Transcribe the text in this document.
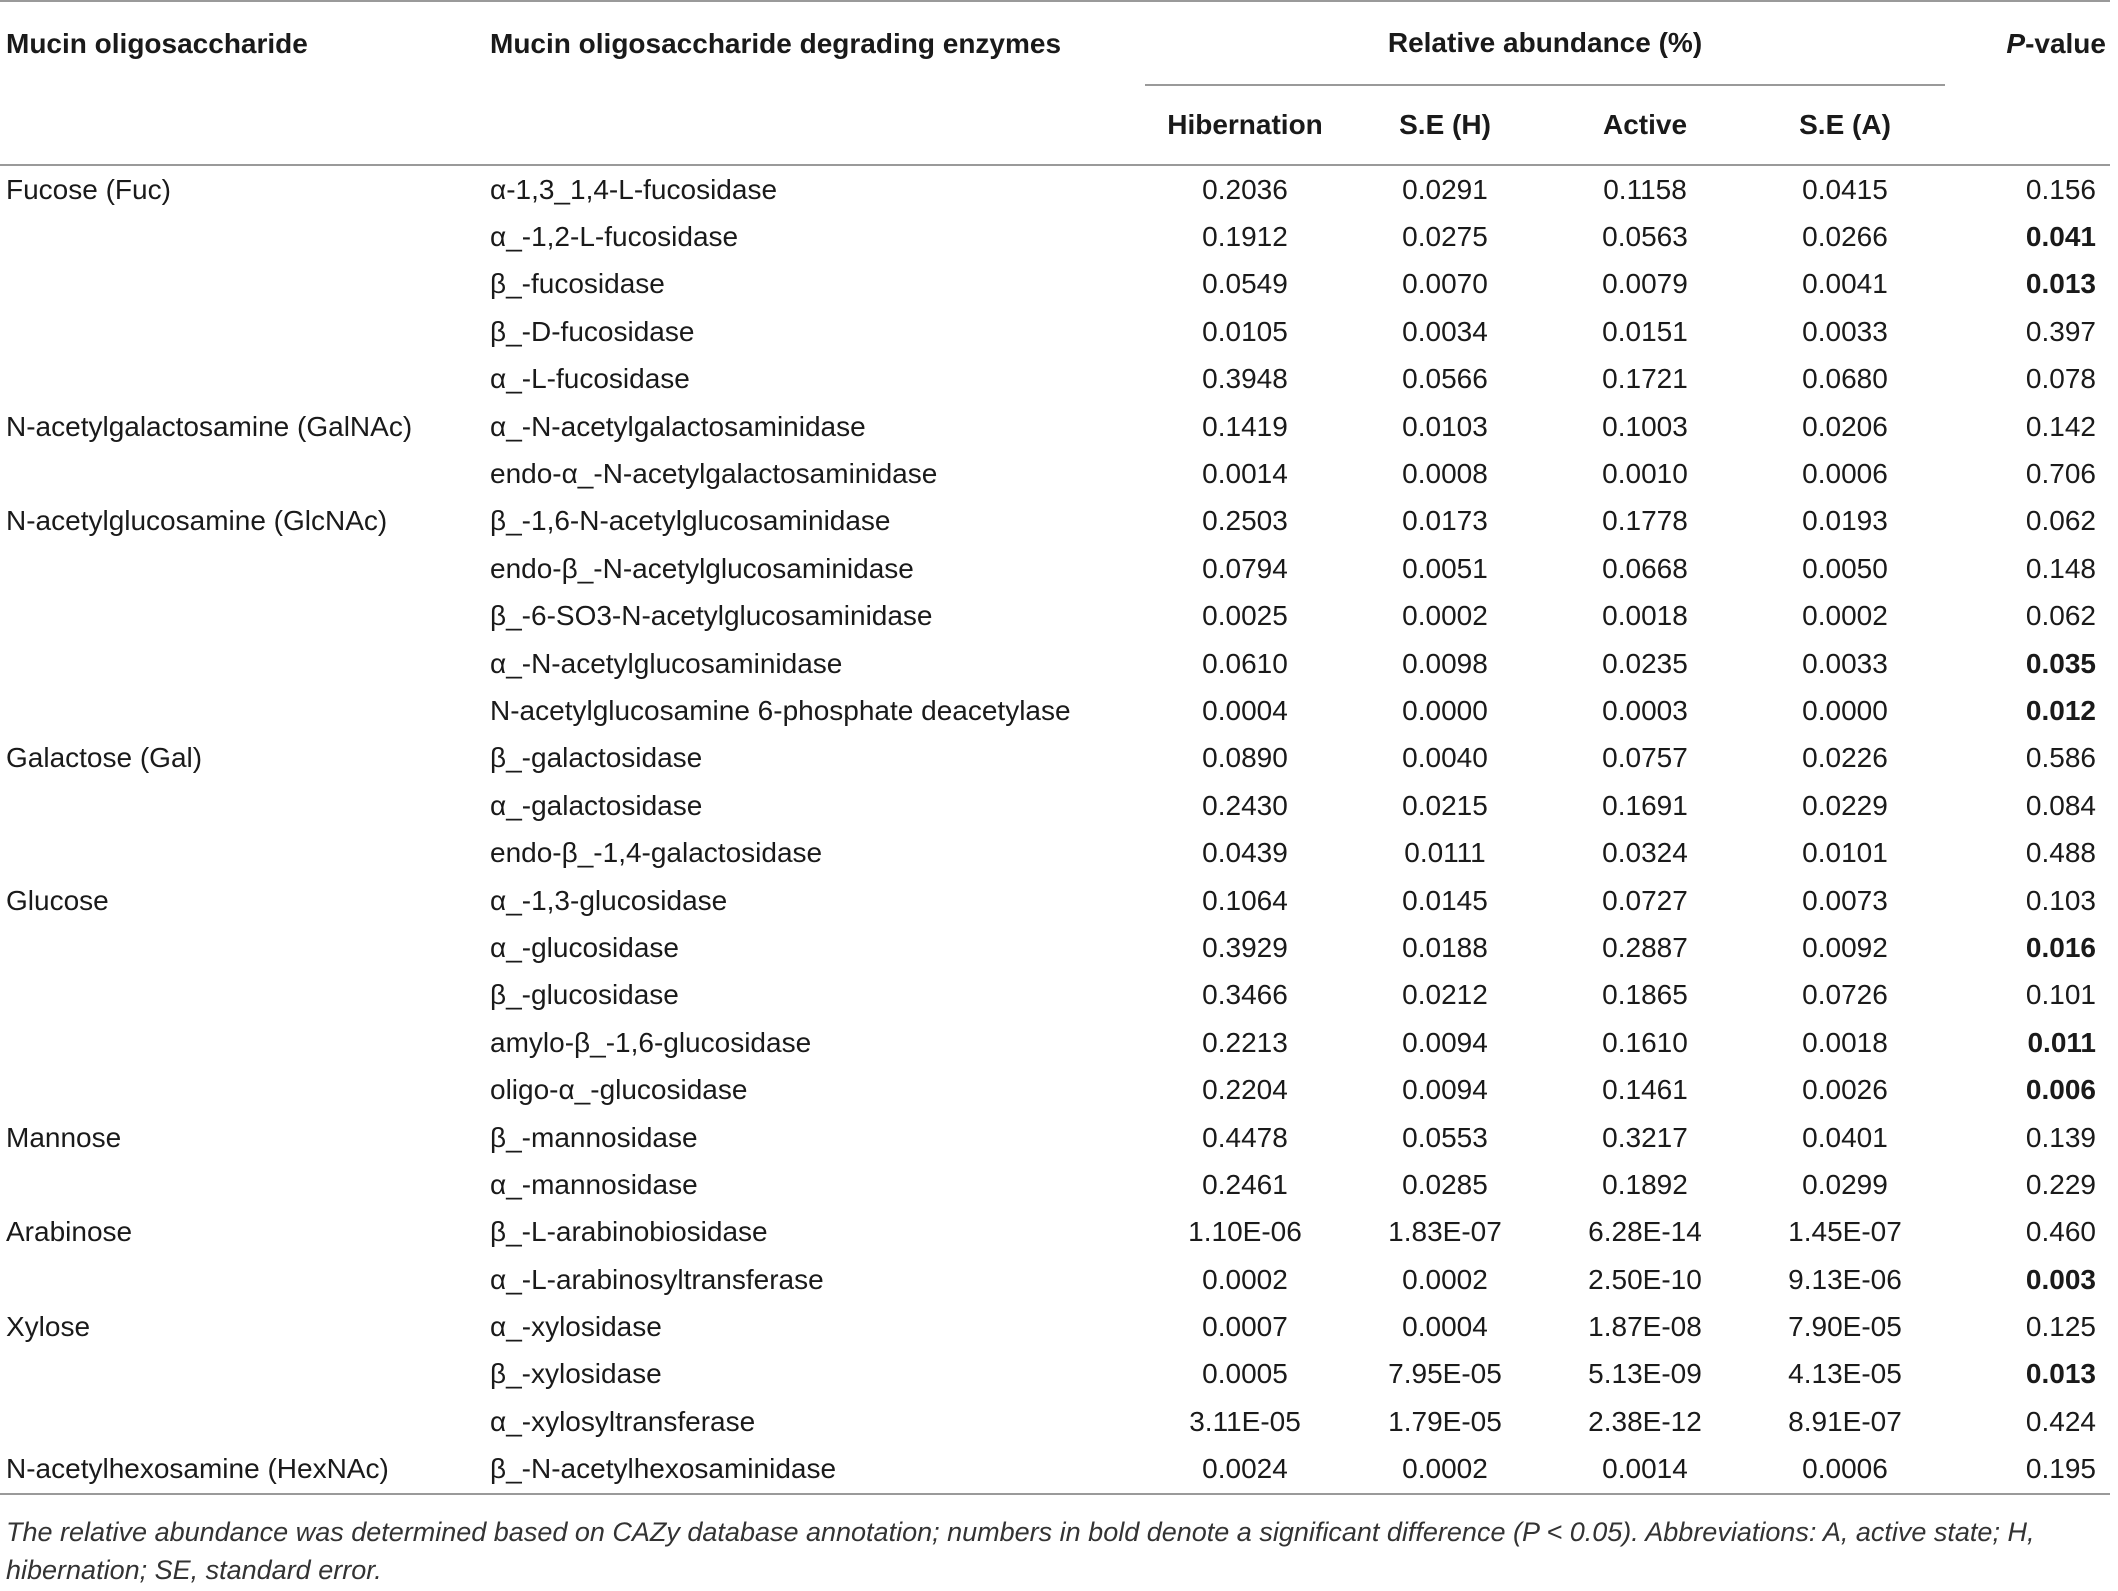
Mucin oligosaccharide	Mucin oligosaccharide degrading enzymes	Relative abundance (%)				P-value
		Hibernation	S.E (H)	Active	S.E (A)	
Fucose (Fuc)	α-1,3_1,4-L-fucosidase	0.2036	0.0291	0.1158	0.0415	0.156
	α_-1,2-L-fucosidase	0.1912	0.0275	0.0563	0.0266	0.041
	β_-fucosidase	0.0549	0.0070	0.0079	0.0041	0.013
	β_-D-fucosidase	0.0105	0.0034	0.0151	0.0033	0.397
	α_-L-fucosidase	0.3948	0.0566	0.1721	0.0680	0.078
N-acetylgalactosamine (GalNAc)	α_-N-acetylgalactosaminidase	0.1419	0.0103	0.1003	0.0206	0.142
	endo-α_-N-acetylgalactosaminidase	0.0014	0.0008	0.0010	0.0006	0.706
N-acetylglucosamine (GlcNAc)	β_-1,6-N-acetylglucosaminidase	0.2503	0.0173	0.1778	0.0193	0.062
	endo-β_-N-acetylglucosaminidase	0.0794	0.0051	0.0668	0.0050	0.148
	β_-6-SO3-N-acetylglucosaminidase	0.0025	0.0002	0.0018	0.0002	0.062
	α_-N-acetylglucosaminidase	0.0610	0.0098	0.0235	0.0033	0.035
	N-acetylglucosamine 6-phosphate deacetylase	0.0004	0.0000	0.0003	0.0000	0.012
Galactose (Gal)	β_-galactosidase	0.0890	0.0040	0.0757	0.0226	0.586
	α_-galactosidase	0.2430	0.0215	0.1691	0.0229	0.084
	endo-β_-1,4-galactosidase	0.0439	0.0111	0.0324	0.0101	0.488
Glucose	α_-1,3-glucosidase	0.1064	0.0145	0.0727	0.0073	0.103
	α_-glucosidase	0.3929	0.0188	0.2887	0.0092	0.016
	β_-glucosidase	0.3466	0.0212	0.1865	0.0726	0.101
	amylo-β_-1,6-glucosidase	0.2213	0.0094	0.1610	0.0018	0.011
	oligo-α_-glucosidase	0.2204	0.0094	0.1461	0.0026	0.006
Mannose	β_-mannosidase	0.4478	0.0553	0.3217	0.0401	0.139
	α_-mannosidase	0.2461	0.0285	0.1892	0.0299	0.229
Arabinose	β_-L-arabinobiosidase	1.10E-06	1.83E-07	6.28E-14	1.45E-07	0.460
	α_-L-arabinosyltransferase	0.0002	0.0002	2.50E-10	9.13E-06	0.003
Xylose	α_-xylosidase	0.0007	0.0004	1.87E-08	7.90E-05	0.125
	β_-xylosidase	0.0005	7.95E-05	5.13E-09	4.13E-05	0.013
	α_-xylosyltransferase	3.11E-05	1.79E-05	2.38E-12	8.91E-07	0.424
N-acetylhexosamine (HexNAc)	β_-N-acetylhexosaminidase	0.0024	0.0002	0.0014	0.0006	0.195
The relative abundance was determined based on CAZy database annotation; numbers in bold denote a significant difference (P < 0.05). Abbreviations: A, active state; H, hibernation; SE, standard error.
